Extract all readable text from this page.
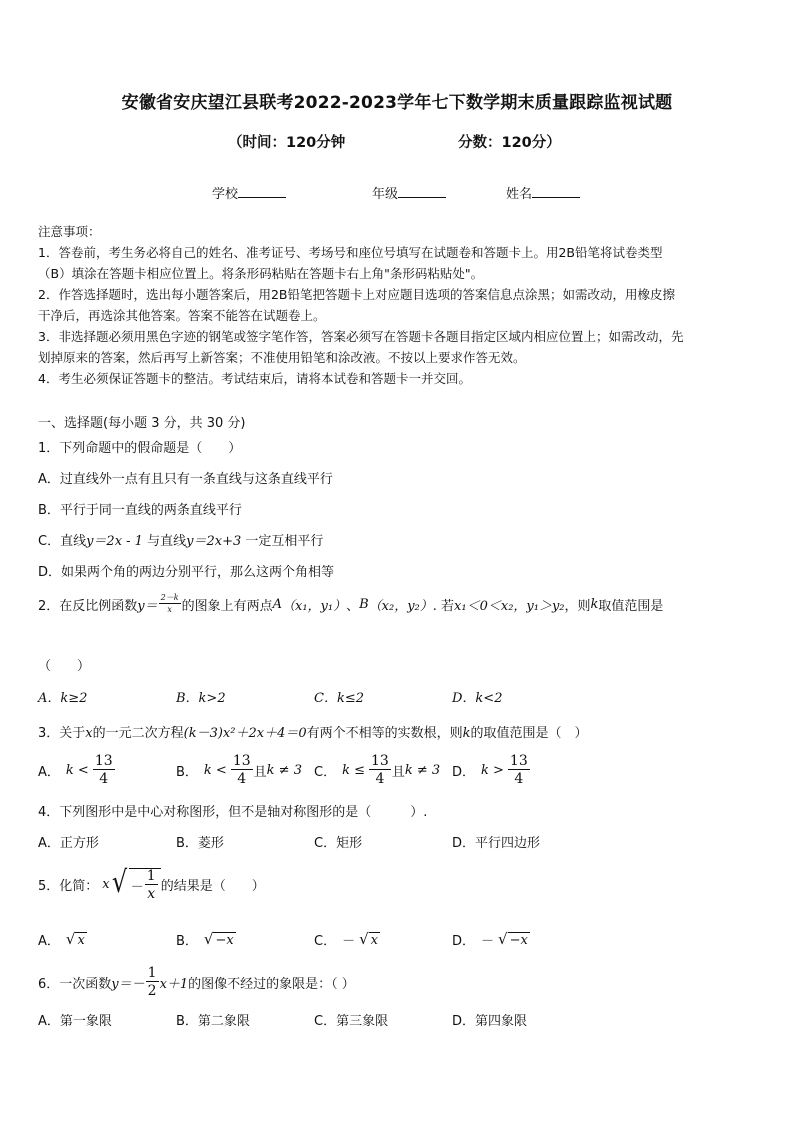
安徽省安庆望江县联考2022-2023学年七下数学期末质量跟踪监视试题
（时间：120分钟	分数：120分）
学校	年级	姓名
注意事项：
1．答卷前，考生务必将自己的姓名、准考证号、考场号和座位号填写在试题卷和答题卡上。用2B铅笔将试卷类型
（B）填涂在答题卡相应位置上。将条形码粘贴在答题卡右上角"条形码粘贴处"。
2．作答选择题时，选出每小题答案后，用2B铅笔把答题卡上对应题目选项的答案信息点涂黑；如需改动，用橡皮擦
干净后，再选涂其他答案。答案不能答在试题卷上。
3．非选择题必须用黑色字迹的钢笔或签字笔作答，答案必须写在答题卡各题目指定区域内相应位置上；如需改动，先
划掉原来的答案，然后再写上新答案；不准使用铅笔和涂改液。不按以上要求作答无效。
4．考生必须保证答题卡的整洁。考试结束后，请将本试卷和答题卡一并交回。
一、选择题(每小题 3 分，共 30 分)
1．下列命题中的假命题是（　　）
A．过直线外一点有且只有一条直线与这条直线平行
B．平行于同一直线的两条直线平行
C．直线y＝2x - 1 与直线y＝2x+3 一定互相平行
D．如果两个角的两边分别平行，那么这两个角相等
2．在反比例函数 $y= \frac{2-k}{x}$ 的图象上有两点 A （x₁，y₁） 、 B （x₂，y₂） . 若 x₁＜0＜x₂，y₁＞y₂ ，则 k 取值范围是
（　　）
A．k≥2	B．k>2	C．k≤2	D．k<2
3．关于x的一元二次方程(k－3)x²＋2x＋4＝0有两个不相等的实数根，则k的取值范围是（　）
A． $k < \frac{13}{4}$	B． $k < \frac{13}{4}$ 且 k ≠ 3 C． $k \le \frac{13}{4}$ 且 k ≠ 3 D． $k > \frac{13}{4}$
4．下列图形中是中心对称图形，但不是轴对称图形的是（　　　）.
A．正方形	B．菱形	C．矩形	D．平行四边形
5．化简： x √ － $\frac{1}{x}$ 的结果是（　　）
A． √ x	B． √ −x	C． － √ x	D． － √ −x
6．一次函数 $y=- \frac{1}{2} x+1$ 的图像不经过的象限是：（ ）
A．第一象限	B．第二象限	C．第三象限	D．第四象限
